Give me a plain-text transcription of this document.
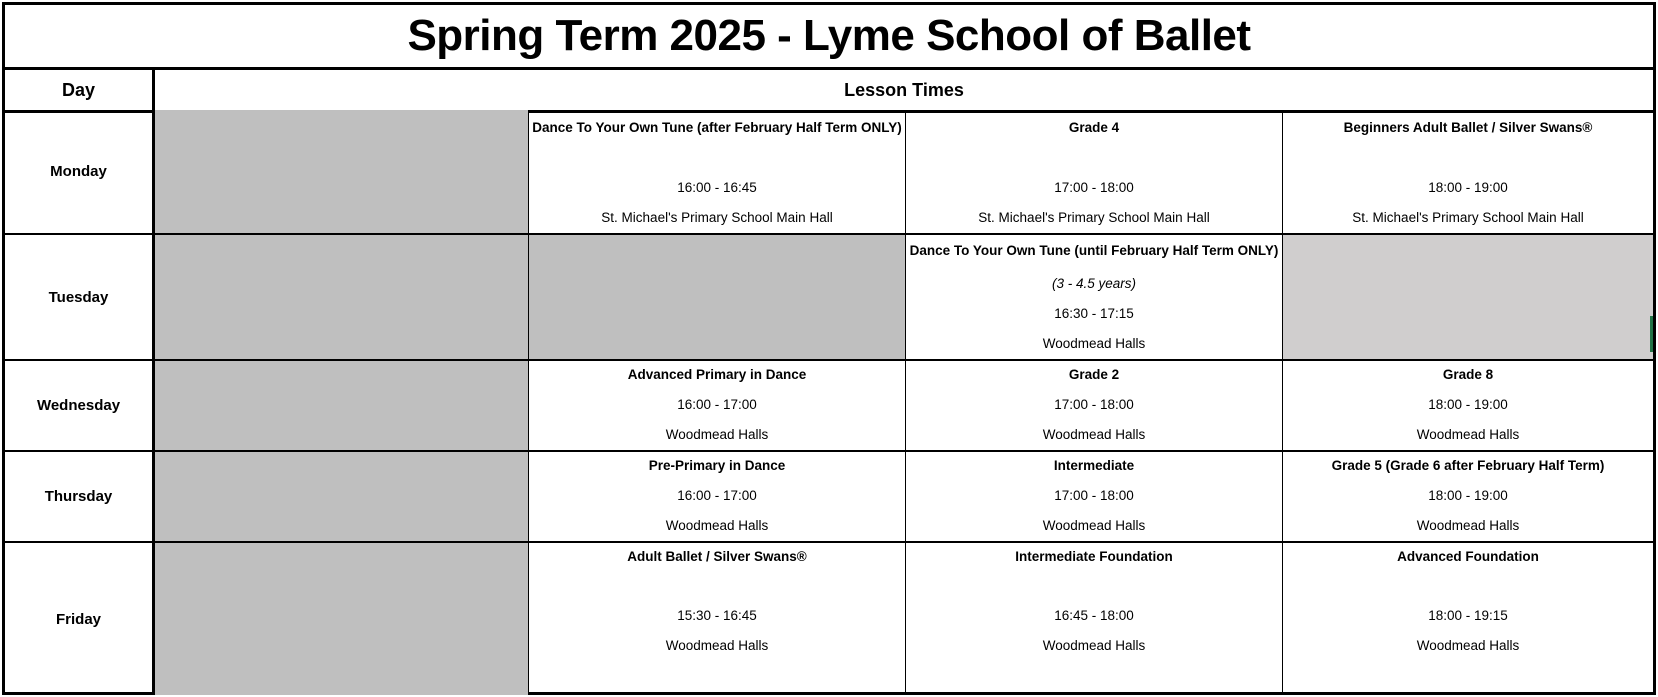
Spring Term 2025 - Lyme School of Ballet
Day	Lesson Times
Monday
Dance To Your Own Tune (after February Half Term ONLY)
16:00 - 16:45
St. Michael's Primary School Main Hall
Grade 4
17:00 - 18:00
St. Michael's Primary School Main Hall
Beginners Adult Ballet / Silver Swans®
18:00 - 19:00
St. Michael's Primary School Main Hall
Tuesday
Dance To Your Own Tune (until February Half Term ONLY)
(3 - 4.5 years)
16:30 - 17:15
Woodmead Halls
Wednesday
Advanced Primary in Dance
16:00 - 17:00
Woodmead Halls
Grade 2
17:00 - 18:00
Woodmead Halls
Grade 8
18:00 - 19:00
Woodmead Halls
Thursday
Pre-Primary in Dance
16:00 - 17:00
Woodmead Halls
Intermediate
17:00 - 18:00
Woodmead Halls
Grade 5 (Grade 6 after February Half Term)
18:00 - 19:00
Woodmead Halls
Friday
Adult Ballet / Silver Swans®
15:30 - 16:45
Woodmead Halls
Intermediate Foundation
16:45 - 18:00
Woodmead Halls
Advanced Foundation
18:00 - 19:15
Woodmead Halls
